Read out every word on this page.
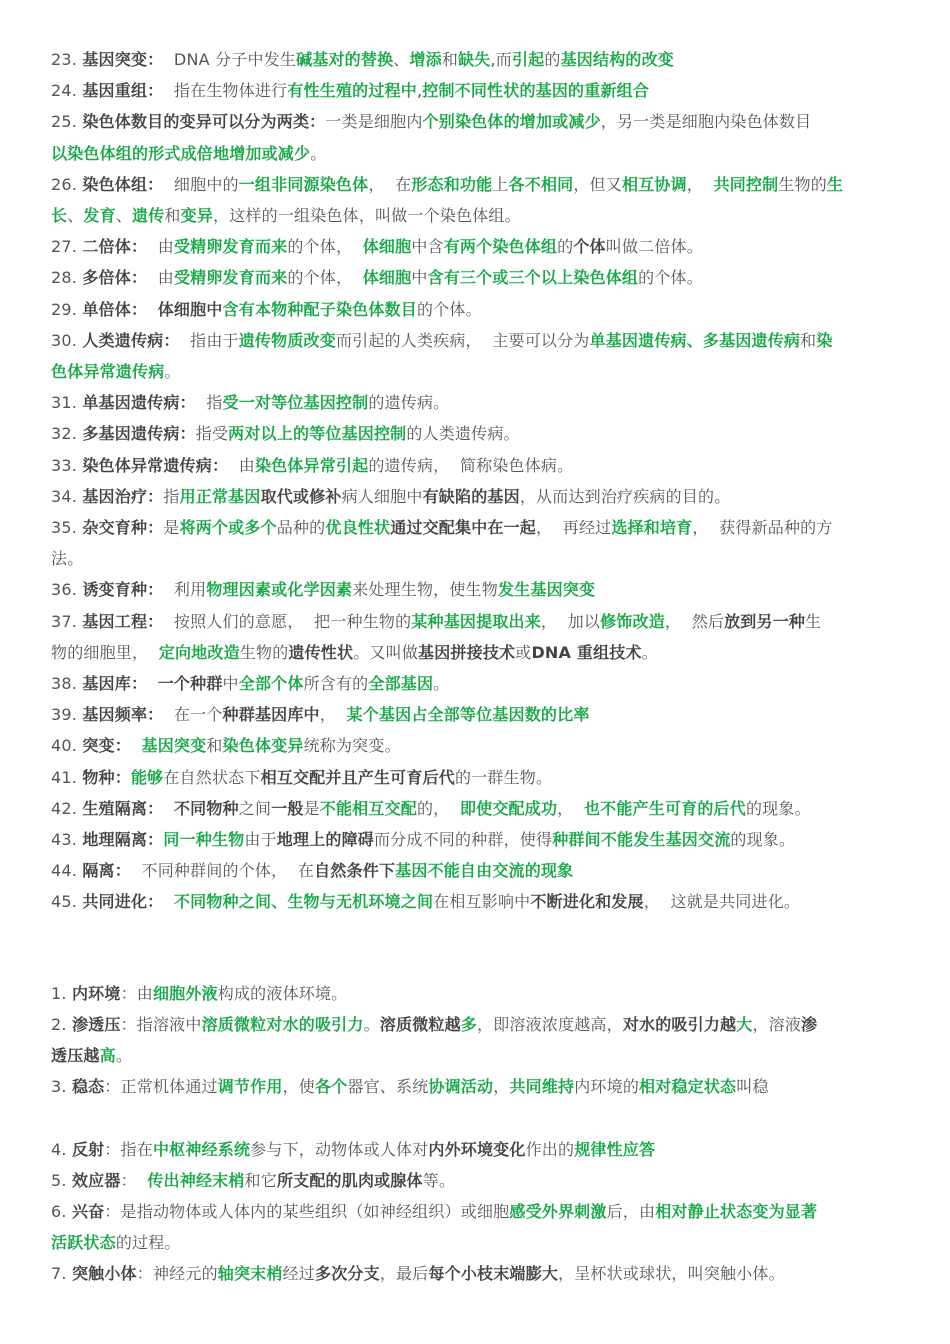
23. 基因突变：  DNA 分子中发生碱基对的替换、增添和缺失,而引起的基因结构的改变
24. 基因重组：  指在生物体进行有性生殖的过程中,控制不同性状的基因的重新组合
25. 染色体数目的变异可以分为两类：一类是细胞内个别染色体的增加或减少，另一类是细胞内染色体数目
以染色体组的形式成倍地增加或减少。
26. 染色体组：  细胞中的一组非同源染色体，  在形态和功能上各不相同，但又相互协调，  共同控制生物的生
长、发育、遗传和变异，这样的一组染色体，叫做一个染色体组。
27. 二倍体：  由受精卵发育而来的个体，  体细胞中含有两个染色体组的个体叫做二倍体。
28. 多倍体：  由受精卵发育而来的个体，  体细胞中含有三个或三个以上染色体组的个体。
29. 单倍体： 体细胞中含有本物种配子染色体数目的个体。
30. 人类遗传病：  指由于遗传物质改变而引起的人类疾病，  主要可以分为单基因遗传病、多基因遗传病和染
色体异常遗传病。
31. 单基因遗传病：  指受一对等位基因控制的遗传病。
32. 多基因遗传病：指受两对以上的等位基因控制的人类遗传病。
33. 染色体异常遗传病：  由染色体异常引起的遗传病，  简称染色体病。
34. 基因治疗：指用正常基因取代或修补病人细胞中有缺陷的基因，从而达到治疗疾病的目的。
35. 杂交育种：是将两个或多个品种的优良性状通过交配集中在一起，  再经过选择和培育，  获得新品种的方
法。
36. 诱变育种：  利用物理因素或化学因素来处理生物，使生物发生基因突变
37. 基因工程：  按照人们的意愿，  把一种生物的某种基因提取出来，  加以修饰改造，  然后放到另一种生
物的细胞里，  定向地改造生物的遗传性状。又叫做基因拼接技术或DNA 重组技术。
38. 基因库： 一个种群中全部个体所含有的全部基因。
39. 基因频率：  在一个种群基因库中，  某个基因占全部等位基因数的比率
40. 突变： 基因突变和染色体变异统称为突变。
41. 物种：能够在自然状态下相互交配并且产生可育后代的一群生物。
42. 生殖隔离： 不同物种之间一般是不能相互交配的，  即使交配成功，  也不能产生可育的后代的现象。
43. 地理隔离：同一种生物由于地理上的障碍而分成不同的种群，使得种群间不能发生基因交流的现象。
44. 隔离：  不同种群间的个体，  在自然条件下基因不能自由交流的现象
45. 共同进化： 不同物种之间、生物与无机环境之间在相互影响中不断进化和发展，  这就是共同进化。
1. 内环境：由细胞外液构成的液体环境。
2. 渗透压：指溶液中溶质微粒对水的吸引力。溶质微粒越多，即溶液浓度越高，对水的吸引力越大，溶液渗
透压越高。
3. 稳态：正常机体通过调节作用，使各个器官、系统协调活动，共同维持内环境的相对稳定状态叫稳
4. 反射：指在中枢神经系统参与下，动物体或人体对内外环境变化作出的规律性应答
5. 效应器：  传出神经末梢和它所支配的肌肉或腺体等。
6. 兴奋：是指动物体或人体内的某些组织（如神经组织）或细胞感受外界刺激后，由相对静止状态变为显著
活跃状态的过程。
7. 突触小体：神经元的轴突末梢经过多次分支，最后每个小枝末端膨大，呈杯状或球状，叫突触小体。
